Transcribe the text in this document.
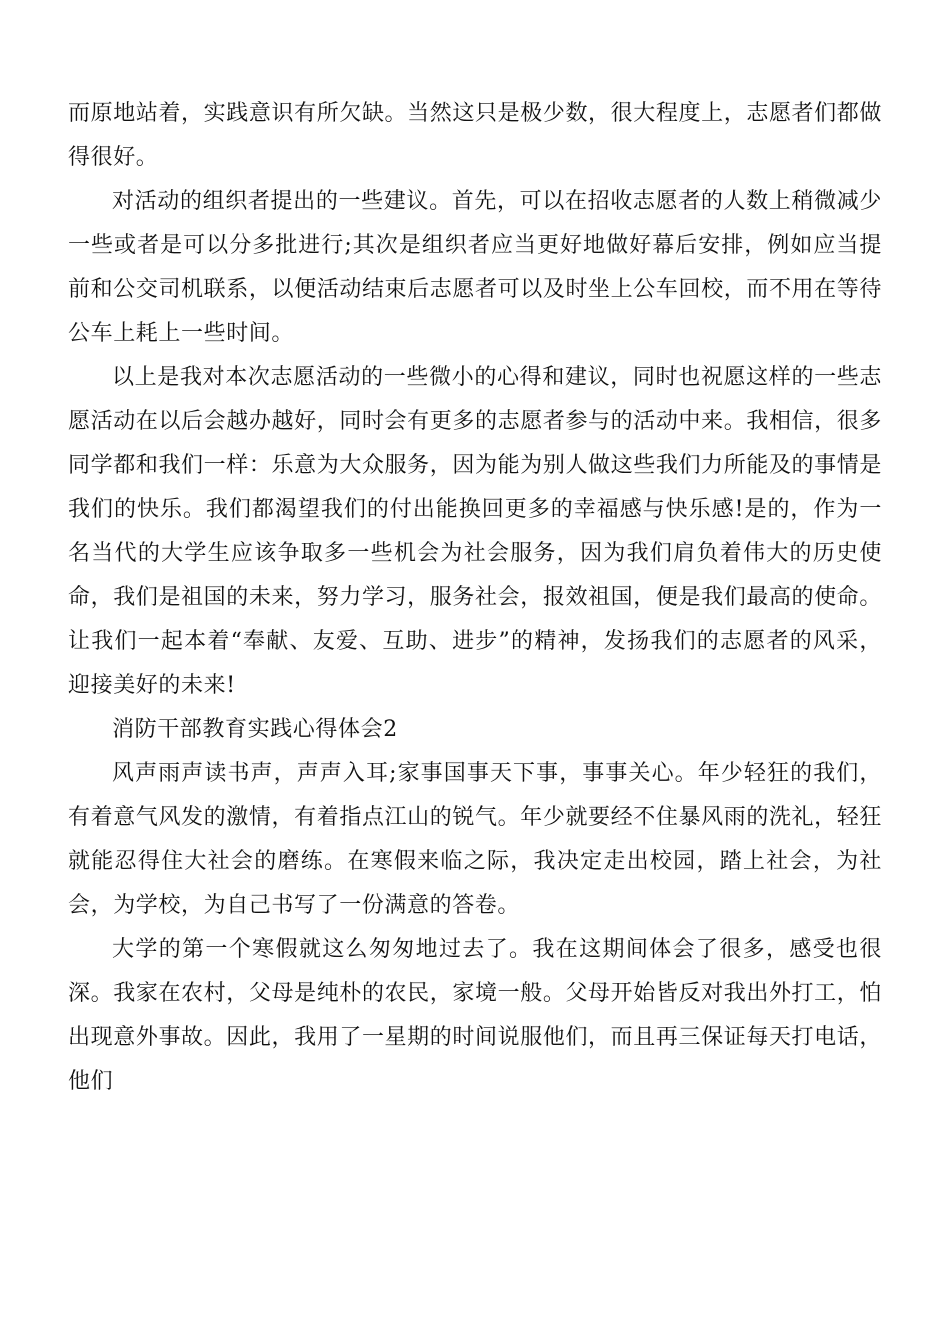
而原地站着，实践意识有所欠缺。当然这只是极少数，很大程度上，志愿者们都做得很好。

对活动的组织者提出的一些建议。首先，可以在招收志愿者的人数上稍微减少一些或者是可以分多批进行;其次是组织者应当更好地做好幕后安排，例如应当提前和公交司机联系，以便活动结束后志愿者可以及时坐上公车回校，而不用在等待公车上耗上一些时间。

以上是我对本次志愿活动的一些微小的心得和建议，同时也祝愿这样的一些志愿活动在以后会越办越好，同时会有更多的志愿者参与的活动中来。我相信，很多同学都和我们一样：乐意为大众服务，因为能为别人做这些我们力所能及的事情是我们的快乐。我们都渴望我们的付出能换回更多的幸福感与快乐感!是的，作为一名当代的大学生应该争取多一些机会为社会服务，因为我们肩负着伟大的历史使命，我们是祖国的未来，努力学习，服务社会，报效祖国，便是我们最高的使命。让我们一起本着“奉献、友爱、互助、进步”的精神，发扬我们的志愿者的风采，迎接美好的未来!

消防干部教育实践心得体会2

风声雨声读书声，声声入耳;家事国事天下事，事事关心。年少轻狂的我们，有着意气风发的激情，有着指点江山的锐气。年少就要经不住暴风雨的洗礼，轻狂就能忍得住大社会的磨练。在寒假来临之际，我决定走出校园，踏上社会，为社会，为学校，为自己书写了一份满意的答卷。

大学的第一个寒假就这么匆匆地过去了。我在这期间体会了很多，感受也很深。我家在农村，父母是纯朴的农民，家境一般。父母开始皆反对我出外打工，怕出现意外事故。因此，我用了一星期的时间说服他们，而且再三保证每天打电话，他们
